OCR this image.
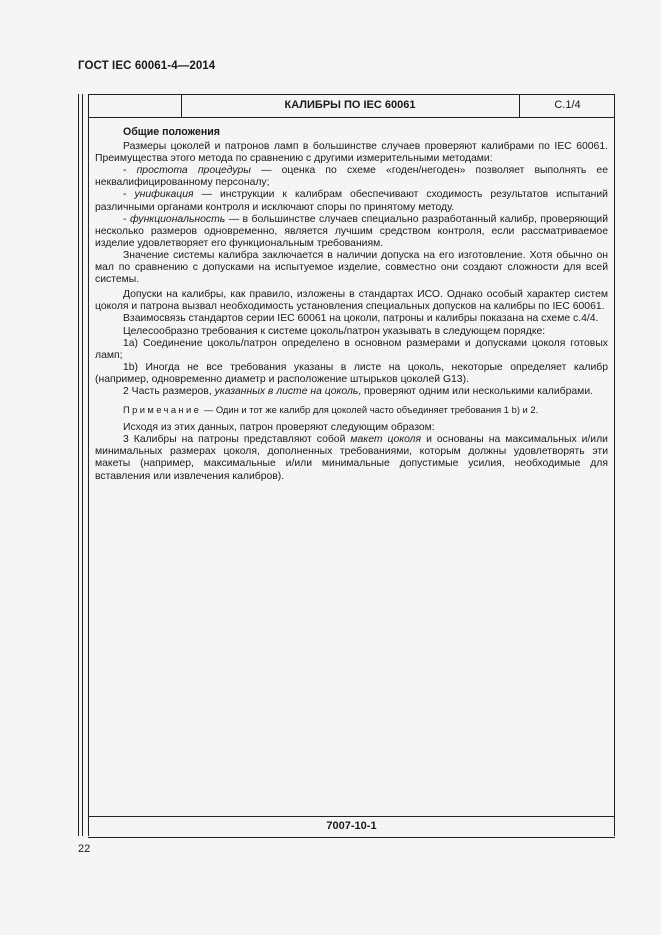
ГОСТ IEC 60061-4—2014
КАЛИБРЫ ПО IEC 60061	С.1/4
7007-10-1

Общие положения

Размеры цоколей и патронов ламп в большинстве случаев проверяют калибрами по IEC 60061. Преимущества этого метода по сравнению с другими измерительными методами:

- простота процедуры — оценка по схеме «годен/негоден» позволяет выполнять ее неквалифицированному персоналу;

- унификация — инструкции к калибрам обеспечивают сходимость результатов испытаний различными органами контроля и исключают споры по принятому методу.

- функциональность — в большинстве случаев специально разработанный калибр, проверяющий несколько размеров одновременно, является лучшим средством контроля, если рассматриваемое изделие удовлетворяет его функциональным требованиям.

Значение системы калибра заключается в наличии допуска на его изготовление. Хотя обычно он мал по сравнению с допусками на испытуемое изделие, совместно они создают сложности для всей системы.

Допуски на калибры, как правило, изложены в стандартах ИСО. Однако особый характер систем цоколя и патрона вызвал необходимость установления специальных допусков на калибры по IEC 60061.

Взаимосвязь стандартов серии IEC 60061 на цоколи, патроны и калибры показана на схеме с.4/4.

Целесообразно требования к системе цоколь/патрон указывать в следующем порядке:

1а) Соединение цоколь/патрон определено в основном размерами и допусками цоколя готовых ламп;

1b) Иногда не все требования указаны в листе на цоколь, некоторые определяет калибр (например, одновременно диаметр и расположение штырьков цоколей G13).

2 Часть размеров, указанных в листе на цоколь, проверяют одним или несколькими калибрами.

Примечание — Один и тот же калибр для цоколей часто объединяет требования 1 b) и 2.

Исходя из этих данных, патрон проверяют следующим образом:

3 Калибры на патроны представляют собой макет цоколя и основаны на максимальных и/или минимальных размерах цоколя, дополненных требованиями, которым должны удовлетворять эти макеты (например, максимальные и/или минимальные допустимые усилия, необходимые для вставления или извлечения калибров).

22
